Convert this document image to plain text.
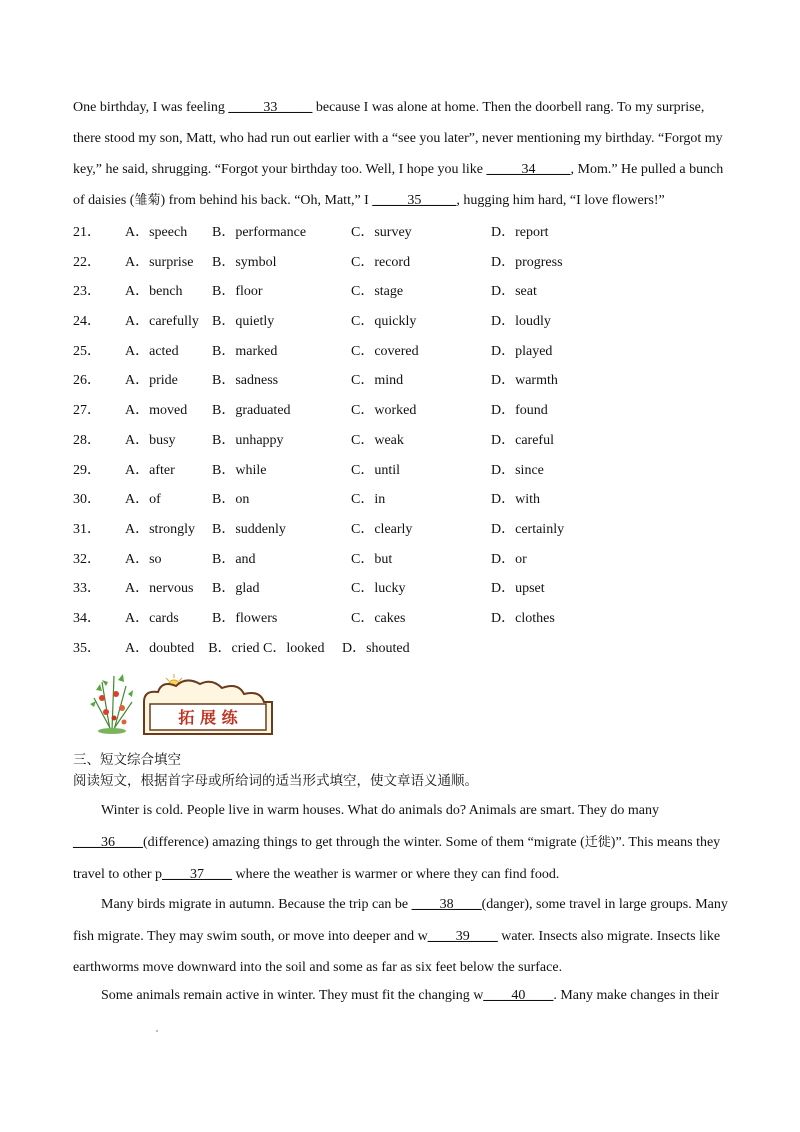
One birthday, I was feeling _____33_____ because I was alone at home. Then the doorbell rang. To my surprise, there stood my son, Matt, who had run out earlier with a “see you later”, never mentioning my birthday. “Forgot my key,” he said, shrugging. “Forgot your birthday too. Well, I hope you like _____34_____, Mom.” He pulled a bunch of daisies (雏菊) from behind his back. “Oh, Matt,” I _____35_____, hugging him hard, “I love flowers!”

21． A．speech B．performance	C．survey	D．report
22． A．surprise B．symbol	C．record	D．progress
23． A．bench B．floor	C．stage	D．seat
24． A．carefully B．quietly	C．quickly	D．loudly
25． A．acted B．marked	C．covered	D．played
26． A．pride B．sadness	C．mind	D．warmth
27． A．moved B．graduated	C．worked	D．found
28． A．busy	B．unhappy	C．weak	D．careful
29． A．after	B．while	C．until	D．since
30． A．of	B．on	C．in	D．with
31． A．strongly B．suddenly	C．clearly	D．certainly
32． A．so	B．and	C．but	D．or
33． A．nervous B．glad	C．lucky	D．upset
34． A．cards B．flowers	C．cakes	D．clothes
35． A．doubted    B．cried C．looked     D．shouted
拓 展 练

三、短文综合填空

阅读短文，根据首字母或所给词的适当形式填空，使文章语义通顺。

Winter is cold. People live in warm houses. What do animals do? Animals are smart. They do many ____36____(difference) amazing things to get through the winter. Some of them “migrate (迁徙)”. This means they travel to other p____37____ where the weather is warmer or where they can find food.

Many birds migrate in autumn. Because the trip can be ____38____(danger), some travel in large groups. Many fish migrate. They may swim south, or move into deeper and w____39____ water. Insects also migrate. Insects like earthworms move downward into the soil and some as far as six feet below the surface.

Some animals remain active in winter. They must fit the changing w____40____. Many make changes in their
